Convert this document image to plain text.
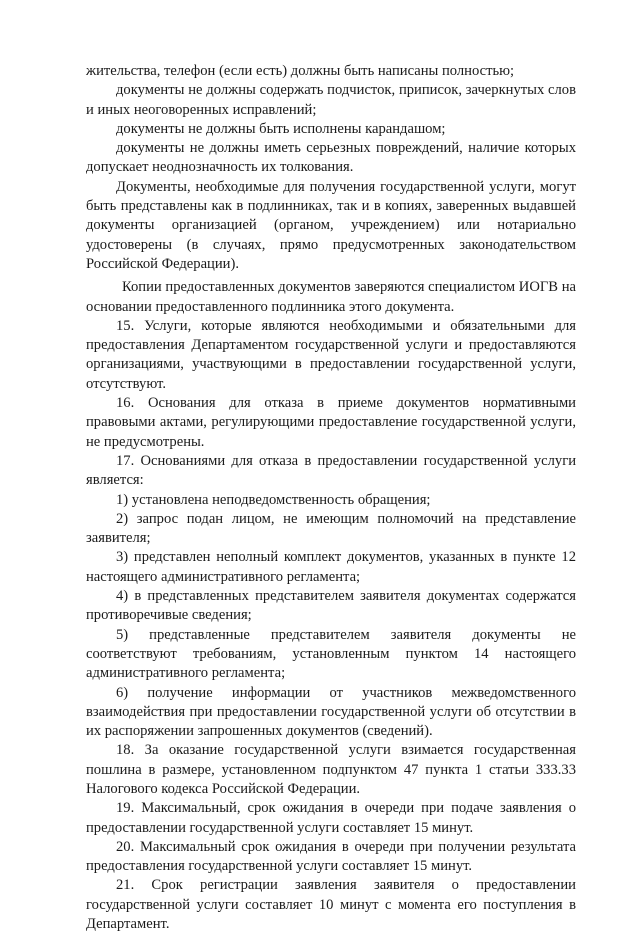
жительства, телефон (если есть) должны быть написаны полностью;

документы не должны содержать подчисток, приписок, зачеркнутых слов и иных неоговоренных исправлений;

документы не должны быть исполнены карандашом;

документы не должны иметь серьезных повреждений, наличие которых допускает неоднозначность их толкования.

Документы, необходимые для получения государственной услуги, могут быть представлены как в подлинниках, так и в копиях, заверенных выдавшей документы организацией (органом, учреждением) или нотариально удостоверены (в случаях, прямо предусмотренных законодательством Российской Федерации).

Копии предоставленных документов заверяются специалистом ИОГВ на основании предоставленного подлинника этого документа.

15. Услуги, которые являются необходимыми и обязательными для предоставления Департаментом государственной услуги и предоставляются организациями, участвующими в предоставлении государственной услуги, отсутствуют.

16. Основания для отказа в приеме документов нормативными правовыми актами, регулирующими предоставление государственной услуги, не предусмотрены.

17. Основаниями для отказа в предоставлении государственной услуги является:

1) установлена неподведомственность обращения;

2) запрос подан лицом, не имеющим полномочий на представление заявителя;

3) представлен неполный комплект документов, указанных в пункте 12 настоящего административного регламента;

4) в представленных представителем заявителя документах содержатся противоречивые сведения;

5) представленные представителем заявителя документы не соответствуют требованиям, установленным пунктом 14 настоящего административного регламента;

6) получение информации от участников межведомственного взаимодействия при предоставлении государственной услуги об отсутствии в их распоряжении запрошенных документов (сведений).

18. За оказание государственной услуги взимается государственная пошлина в размере, установленном подпунктом 47 пункта 1 статьи 333.33 Налогового кодекса Российской Федерации.

19. Максимальный, срок ожидания в очереди при подаче заявления о предоставлении государственной услуги составляет 15 минут.

20. Максимальный срок ожидания в очереди при получении результата предоставления государственной услуги составляет 15 минут.

21. Срок регистрации заявления заявителя о предоставлении государственной услуги составляет 10 минут с момента его поступления в Департамент.
